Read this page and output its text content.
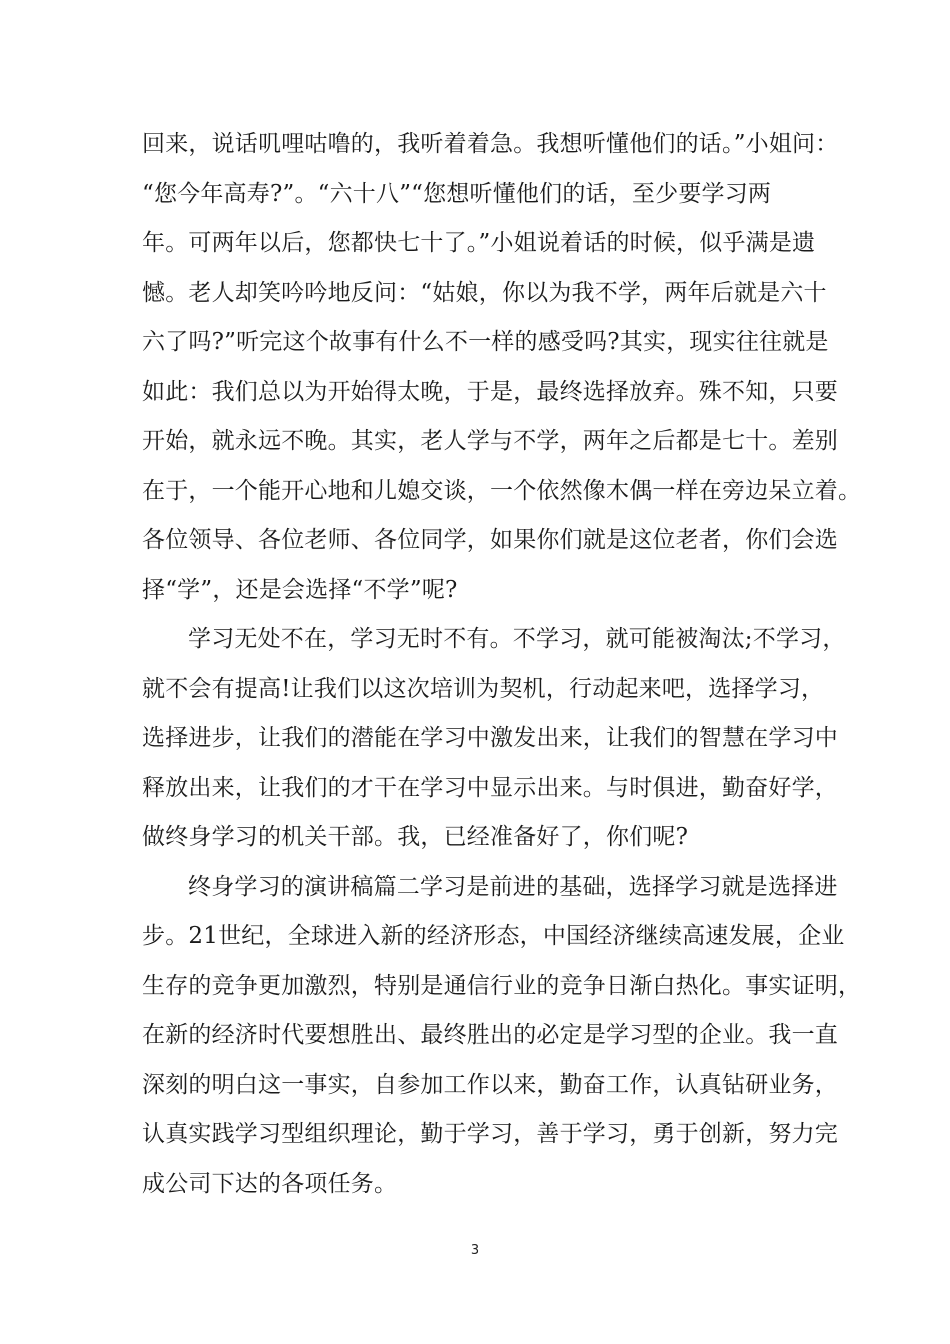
回来，说话叽哩咕噜的，我听着着急。我想听懂他们的话。”小姐问：
“您今年高寿?”。“六十八”“您想听懂他们的话，至少要学习两
年。可两年以后，您都快七十了。”小姐说着话的时候，似乎满是遗
憾。老人却笑吟吟地反问：“姑娘，你以为我不学，两年后就是六十
六了吗?”听完这个故事有什么不一样的感受吗?其实，现实往往就是
如此：我们总以为开始得太晚，于是，最终选择放弃。殊不知，只要
开始，就永远不晚。其实，老人学与不学，两年之后都是七十。差别
在于，一个能开心地和儿媳交谈，一个依然像木偶一样在旁边呆立着。
各位领导、各位老师、各位同学，如果你们就是这位老者，你们会选
择“学”，还是会选择“不学”呢?
学习无处不在，学习无时不有。不学习，就可能被淘汰;不学习，
就不会有提高!让我们以这次培训为契机，行动起来吧，选择学习，
选择进步，让我们的潜能在学习中激发出来，让我们的智慧在学习中
释放出来，让我们的才干在学习中显示出来。与时俱进，勤奋好学，
做终身学习的机关干部。我，已经准备好了，你们呢?
终身学习的演讲稿篇二学习是前进的基础，选择学习就是选择进
步。21世纪，全球进入新的经济形态，中国经济继续高速发展，企业
生存的竞争更加激烈，特别是通信行业的竞争日渐白热化。事实证明，
在新的经济时代要想胜出、最终胜出的必定是学习型的企业。我一直
深刻的明白这一事实，自参加工作以来，勤奋工作，认真钻研业务，
认真实践学习型组织理论，勤于学习，善于学习，勇于创新，努力完
成公司下达的各项任务。
3
